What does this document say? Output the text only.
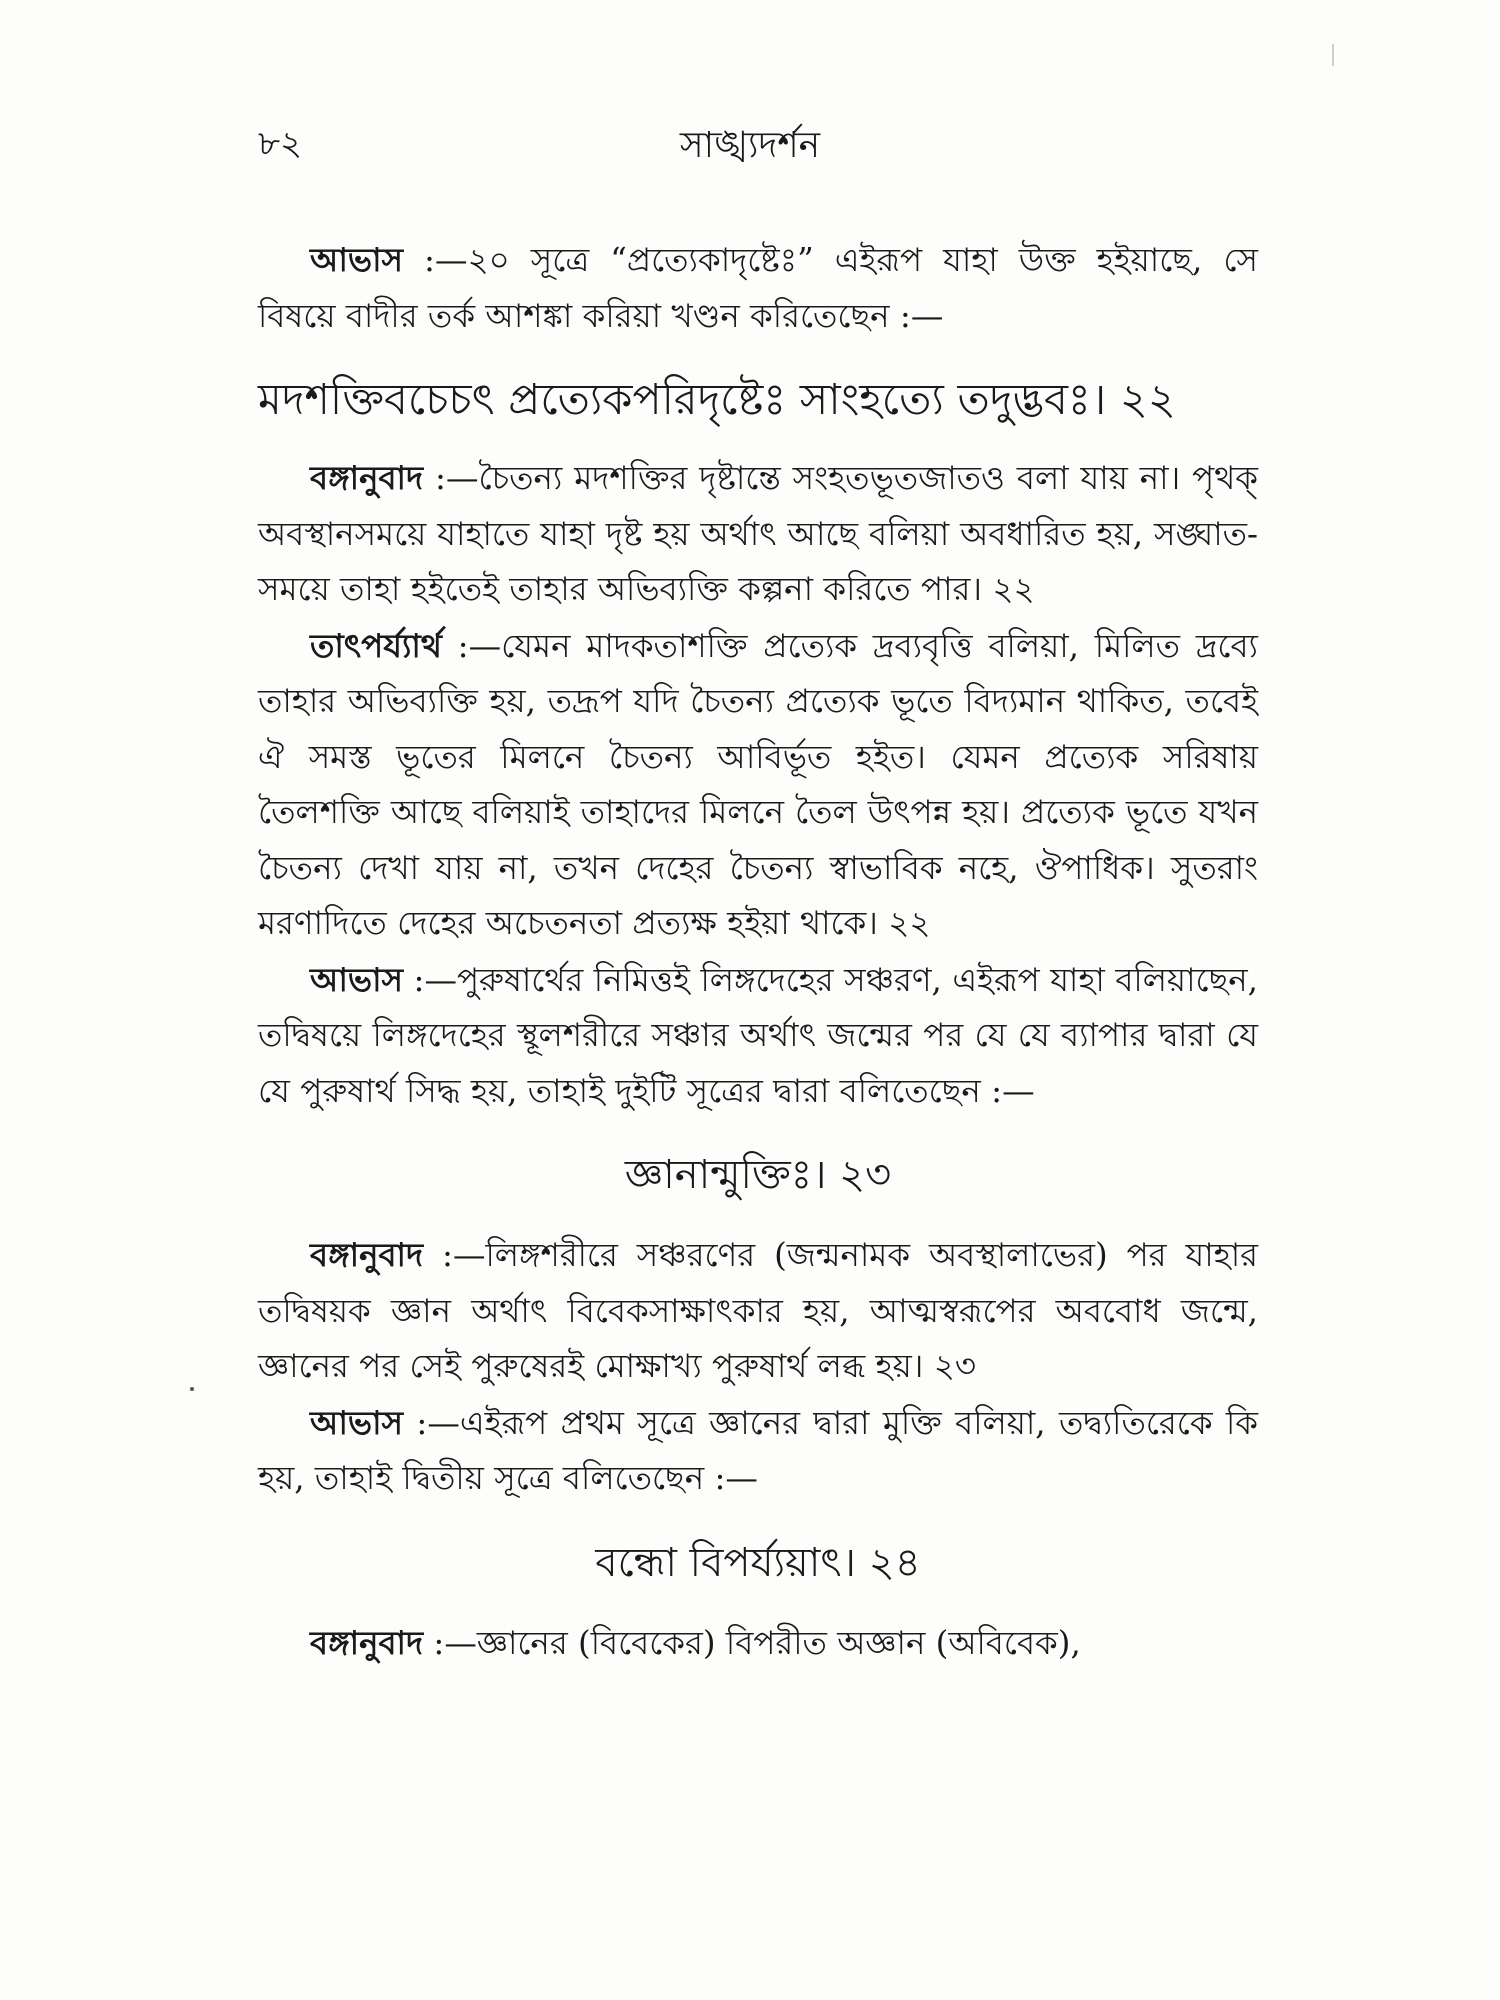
৮২	সাঙ্খ্যদর্শন

আভাস :—২০ সূত্রে “প্রত্যেকাদৃষ্টেঃ” এইরূপ যাহা উক্ত হইয়াছে, সে বিষয়ে বাদীর তর্ক আশঙ্কা করিয়া খণ্ডন করিতেছেন :—

মদশক্তিবচেচৎ প্রত্যেকপরিদৃষ্টেঃ সাংহত্যে তদুদ্ভবঃ। ২২

বঙ্গানুবাদ :—চৈতন্য মদশক্তির দৃষ্টান্তে সংহতভূতজাতও বলা যায় না। পৃথক্ অবস্থানসময়ে যাহাতে যাহা দৃষ্ট হয় অর্থাৎ আছে বলিয়া অবধারিত হয়, সঙ্ঘাত-সময়ে তাহা হইতেই তাহার অভিব্যক্তি কল্পনা করিতে পার। ২২

তাৎপর্য্যার্থ :—যেমন মাদকতাশক্তি প্রত্যেক দ্রব্যবৃত্তি বলিয়া, মিলিত দ্রব্যে তাহার অভিব্যক্তি হয়, তদ্রূপ যদি চৈতন্য প্রত্যেক ভূতে বিদ্যমান থাকিত, তবেই ঐ সমস্ত ভূতের মিলনে চৈতন্য আবির্ভূত হইত। যেমন প্রত্যেক সরিষায় তৈলশক্তি আছে বলিয়াই তাহাদের মিলনে তৈল উৎপন্ন হয়। প্রত্যেক ভূতে যখন চৈতন্য দেখা যায় না, তখন দেহের চৈতন্য স্বাভাবিক নহে, ঔপাধিক। সুতরাং মরণাদিতে দেহের অচেতনতা প্রত্যক্ষ হইয়া থাকে। ২২

আভাস :—পুরুষার্থের নিমিত্তই লিঙ্গদেহের সঞ্চরণ, এইরূপ যাহা বলিয়াছেন, তদ্বিষয়ে লিঙ্গদেহের স্থূলশরীরে সঞ্চার অর্থাৎ জন্মের পর যে যে ব্যাপার দ্বারা যে যে পুরুষার্থ সিদ্ধ হয়, তাহাই দুইটি সূত্রের দ্বারা বলিতেছেন :—

জ্ঞানান্মুক্তিঃ। ২৩

বঙ্গানুবাদ :—লিঙ্গশরীরে সঞ্চরণের (জন্মনামক অবস্থালাভের) পর যাহার তদ্বিষয়ক জ্ঞান অর্থাৎ বিবেকসাক্ষাৎকার হয়, আত্মস্বরূপের অববোধ জন্মে, জ্ঞানের পর সেই পুরুষেরই মোক্ষাখ্য পুরুষার্থ লব্ধ হয়। ২৩

আভাস :—এইরূপ প্রথম সূত্রে জ্ঞানের দ্বারা মুক্তি বলিয়া, তদ্ব্যতিরেকে কি হয়, তাহাই দ্বিতীয় সূত্রে বলিতেছেন :—

বন্ধো বিপর্য্যয়াৎ। ২৪

বঙ্গানুবাদ :—জ্ঞানের (বিবেকের) বিপরীত অজ্ঞান (অবিবেক),
